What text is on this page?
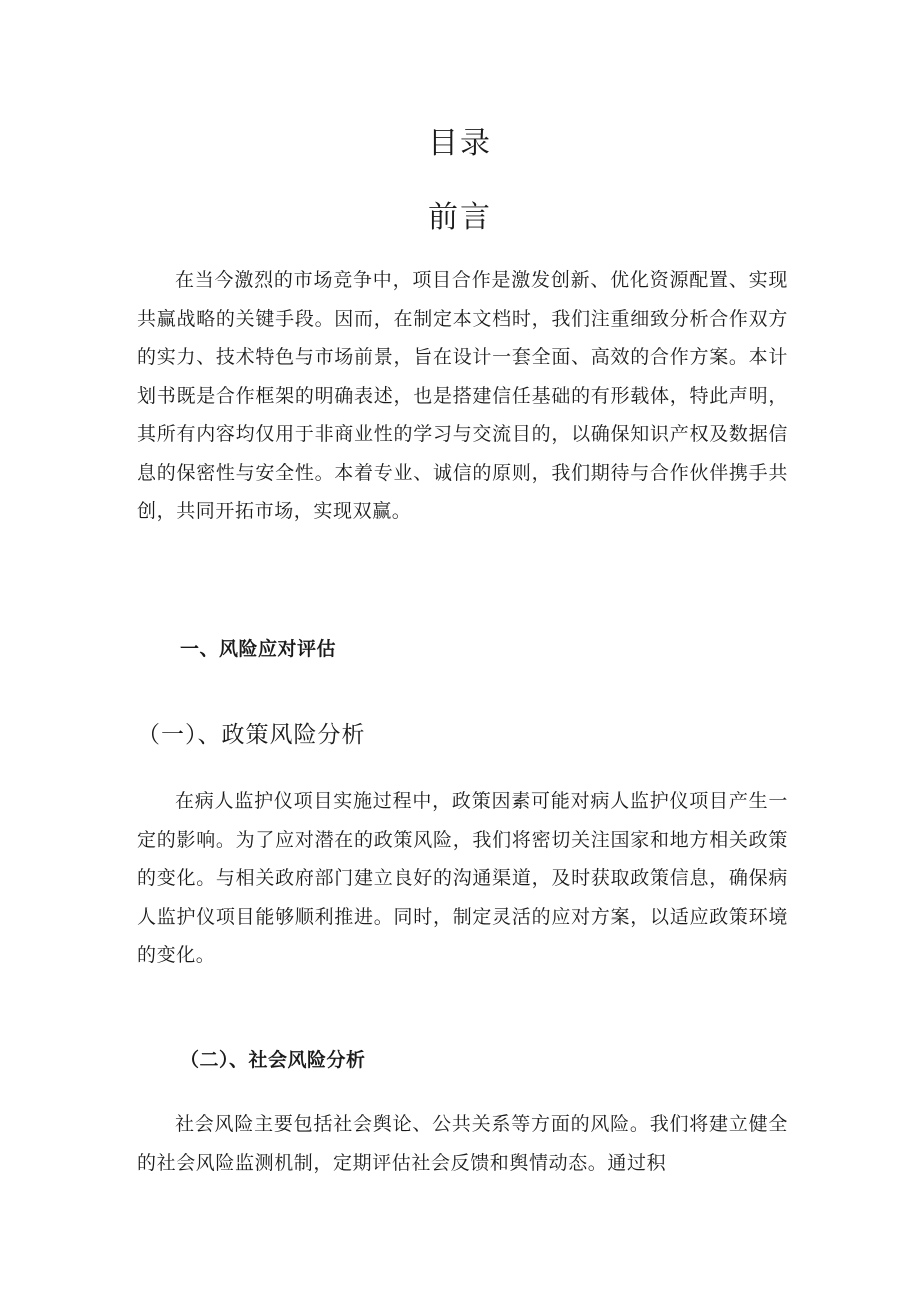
目录
前言

在当今激烈的市场竞争中，项目合作是激发创新、优化资源配置、实现共赢战略的关键手段。因而，在制定本文档时，我们注重细致分析合作双方的实力、技术特色与市场前景，旨在设计一套全面、高效的合作方案。本计划书既是合作框架的明确表述，也是搭建信任基础的有形载体，特此声明，其所有内容均仅用于非商业性的学习与交流目的，以确保知识产权及数据信息的保密性与安全性。本着专业、诚信的原则，我们期待与合作伙伴携手共创，共同开拓市场，实现双赢。

一、风险应对评估
（一）、政策风险分析

在病人监护仪项目实施过程中，政策因素可能对病人监护仪项目产生一定的影响。为了应对潜在的政策风险，我们将密切关注国家和地方相关政策的变化。与相关政府部门建立良好的沟通渠道，及时获取政策信息，确保病人监护仪项目能够顺利推进。同时，制定灵活的应对方案，以适应政策环境的变化。

（二）、社会风险分析

社会风险主要包括社会舆论、公共关系等方面的风险。我们将建立健全的社会风险监测机制，定期评估社会反馈和舆情动态。通过积
